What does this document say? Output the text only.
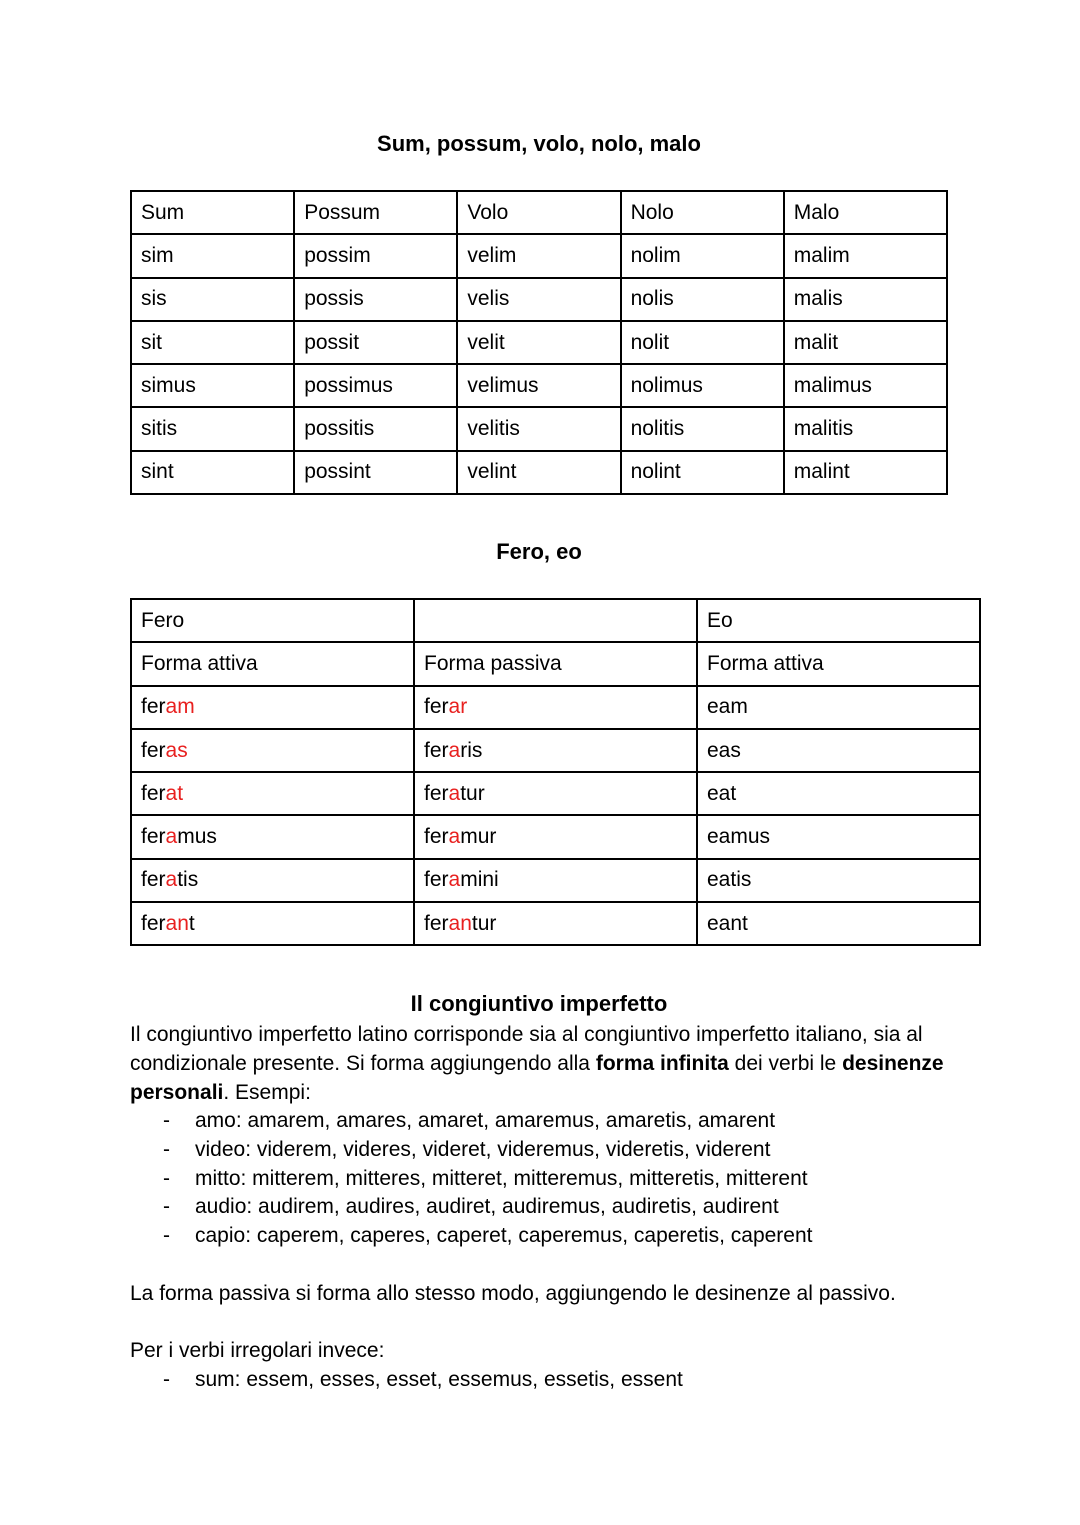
Sum, possum, volo, nolo, malo
Sum	Possum	Volo	Nolo	Malo
sim	possim	velim	nolim	malim
sis	possis	velis	nolis	malis
sit	possit	velit	nolit	malit
simus	possimus	velimus	nolimus	malimus
sitis	possitis	velitis	nolitis	malitis
sint	possint	velint	nolint	malint
Fero, eo
Fero		Eo
Forma attiva	Forma passiva	Forma attiva
feram	ferar	eam
feras	feraris	eas
ferat	feratur	eat
feramus	feramur	eamus
feratis	feramini	eatis
ferant	ferantur	eant
Il congiuntivo imperfetto
Il congiuntivo imperfetto latino corrisponde sia al congiuntivo imperfetto italiano, sia al condizionale presente. Si forma aggiungendo alla forma infinita dei verbi le desinenze personali. Esempi:
- amo: amarem, amares, amaret, amaremus, amaretis, amarent
- video: viderem, videres, videret, videremus, videretis, viderent
- mitto: mitterem, mitteres, mitteret, mitteremus, mitteretis, mitterent
- audio: audirem, audires, audiret, audiremus, audiretis, audirent
- capio: caperem, caperes, caperet, caperemus, caperetis, caperent
La forma passiva si forma allo stesso modo, aggiungendo le desinenze al passivo.
Per i verbi irregolari invece:
- sum: essem, esses, esset, essemus, essetis, essent
